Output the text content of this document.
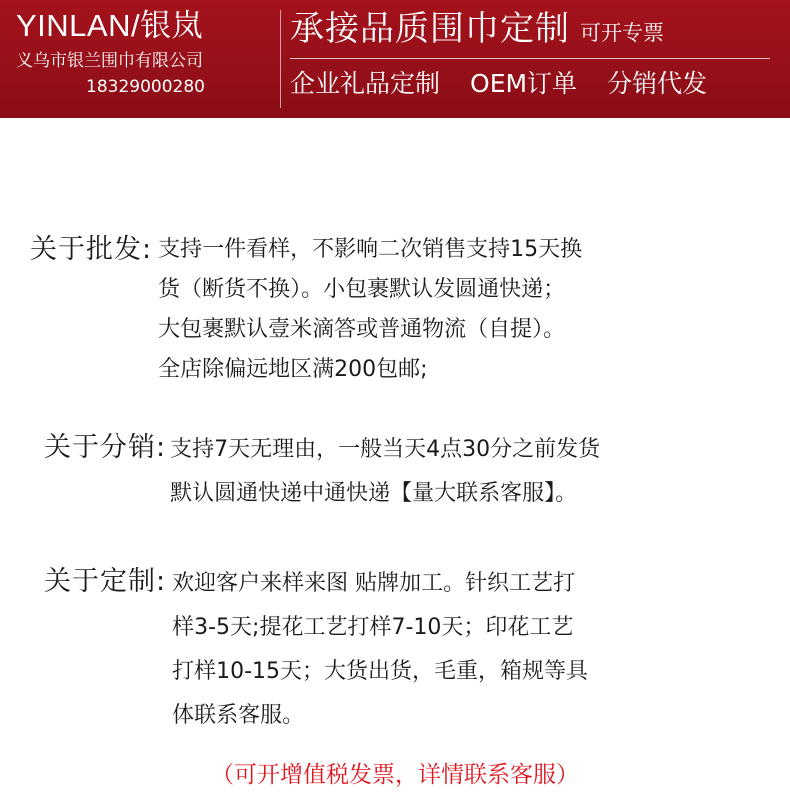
YINLAN/银岚
义乌市银兰围巾有限公司
18329000280
承接品质围巾定制 可开专票
企业礼品定制 OEM订单 分销代发
关于批发: 支持一件看样，不影响二次销售支持15天换
货（断货不换）。小包裹默认发圆通快递；
大包裹默认壹米滴答或普通物流（自提）。
全店除偏远地区满200包邮;
关于分销: 支持7天无理由，一般当天4点30分之前发货
默认圆通快递中通快递【量大联系客服】。
关于定制: 欢迎客户来样来图 贴牌加工。针织工艺打
样3-5天;提花工艺打样7-10天；印花工艺
打样10-15天；大货出货，毛重，箱规等具
体联系客服。
（可开增值税发票，详情联系客服）
